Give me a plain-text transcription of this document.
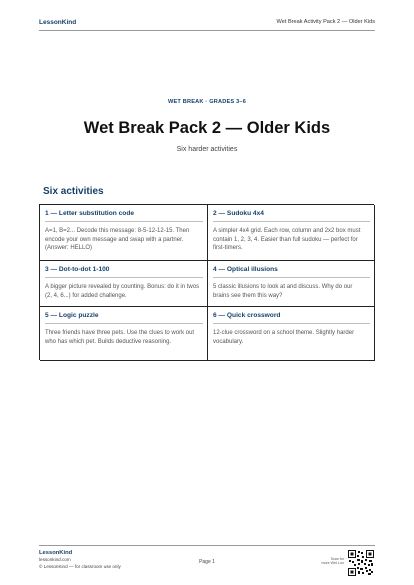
LessonKind	Wet Break Activity Pack 2 — Older Kids
WET BREAK · GRADES 3–6
Wet Break Pack 2 — Older Kids
Six harder activities
Six activities
1 — Letter substitution code
A=1, B=2... Decode this message: 8-5-12-12-15. Then encode your own message and swap with a partner. (Answer: HELLO)
2 — Sudoku 4x4
A simpler 4x4 grid. Each row, column and 2x2 box must contain 1, 2, 3, 4. Easier than full sudoku — perfect for first-timers.
3 — Dot-to-dot 1-100
A bigger picture revealed by counting. Bonus: do it in twos (2, 4, 6...) for added challenge.
4 — Optical illusions
5 classic illusions to look at and discuss. Why do our brains see them this way?
5 — Logic puzzle
Three friends have three pets. Use the clues to work out who has which pet. Builds deductive reasoning.
6 — Quick crossword
12-clue crossword on a school theme. Slightly harder vocabulary.
LessonKind
lessonkind.com
© LessonKind — for classroom use only
Page 1	Scan for
more Wet Lun
